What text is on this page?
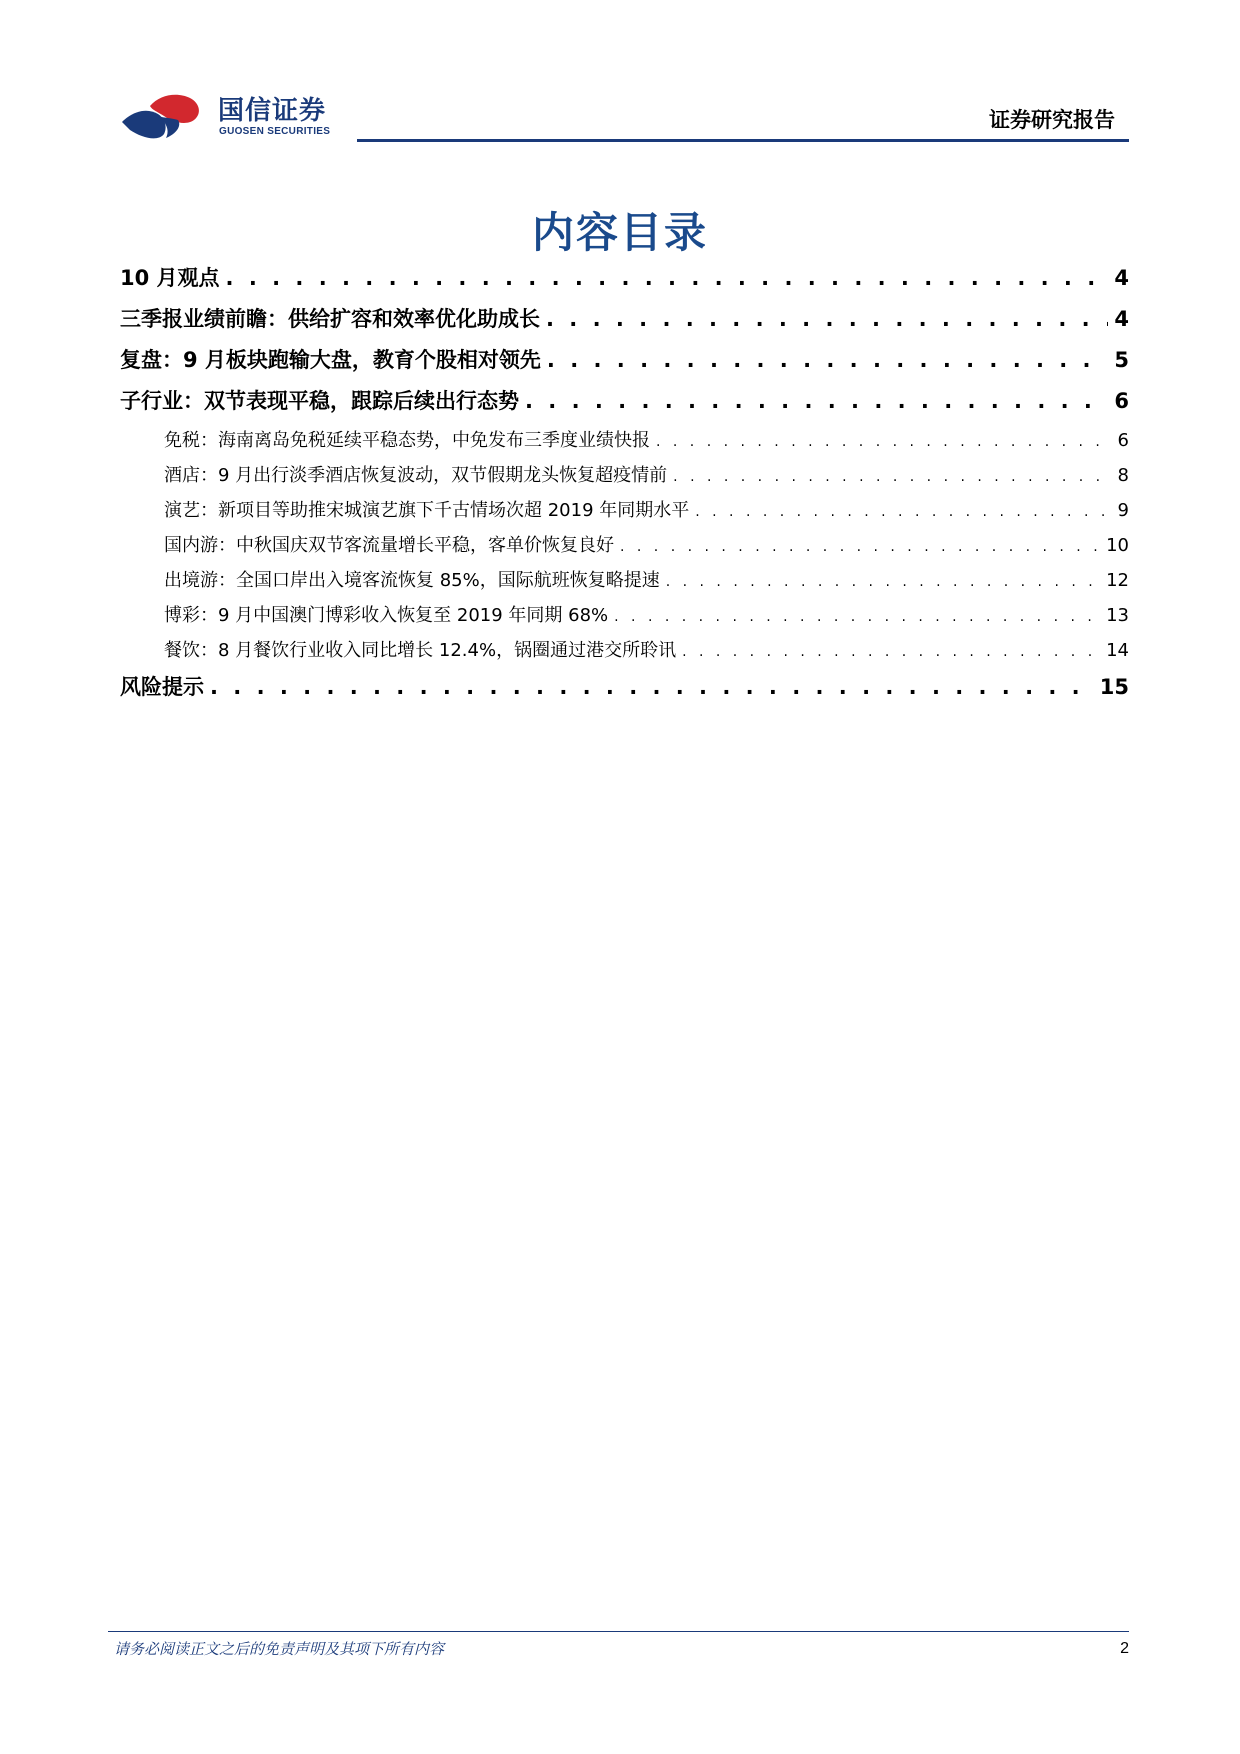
国信证券
GUOSEN SECURITIES	证券研究报告
内容目录
10 月观点 . . .	4
三季报业绩前瞻：供给扩容和效率优化助成长 . . .	4
复盘：9 月板块跑输大盘，教育个股相对领先 . . .	5
子行业：双节表现平稳，跟踪后续出行态势 . . .	6
免税：海南离岛免税延续平稳态势，中免发布三季度业绩快报 . . .	6
酒店：9 月出行淡季酒店恢复波动，双节假期龙头恢复超疫情前 . . .	8
演艺：新项目等助推宋城演艺旗下千古情场次超 2019 年同期水平 . . .	9
国内游：中秋国庆双节客流量增长平稳，客单价恢复良好 . . .	10
出境游：全国口岸出入境客流恢复 85%，国际航班恢复略提速 . . .	12
博彩：9 月中国澳门博彩收入恢复至 2019 年同期 68% . . .	13
餐饮：8 月餐饮行业收入同比增长 12.4%，锅圈通过港交所聆讯 . . .	14
风险提示 . . .	15
请务必阅读正文之后的免责声明及其项下所有内容	2
